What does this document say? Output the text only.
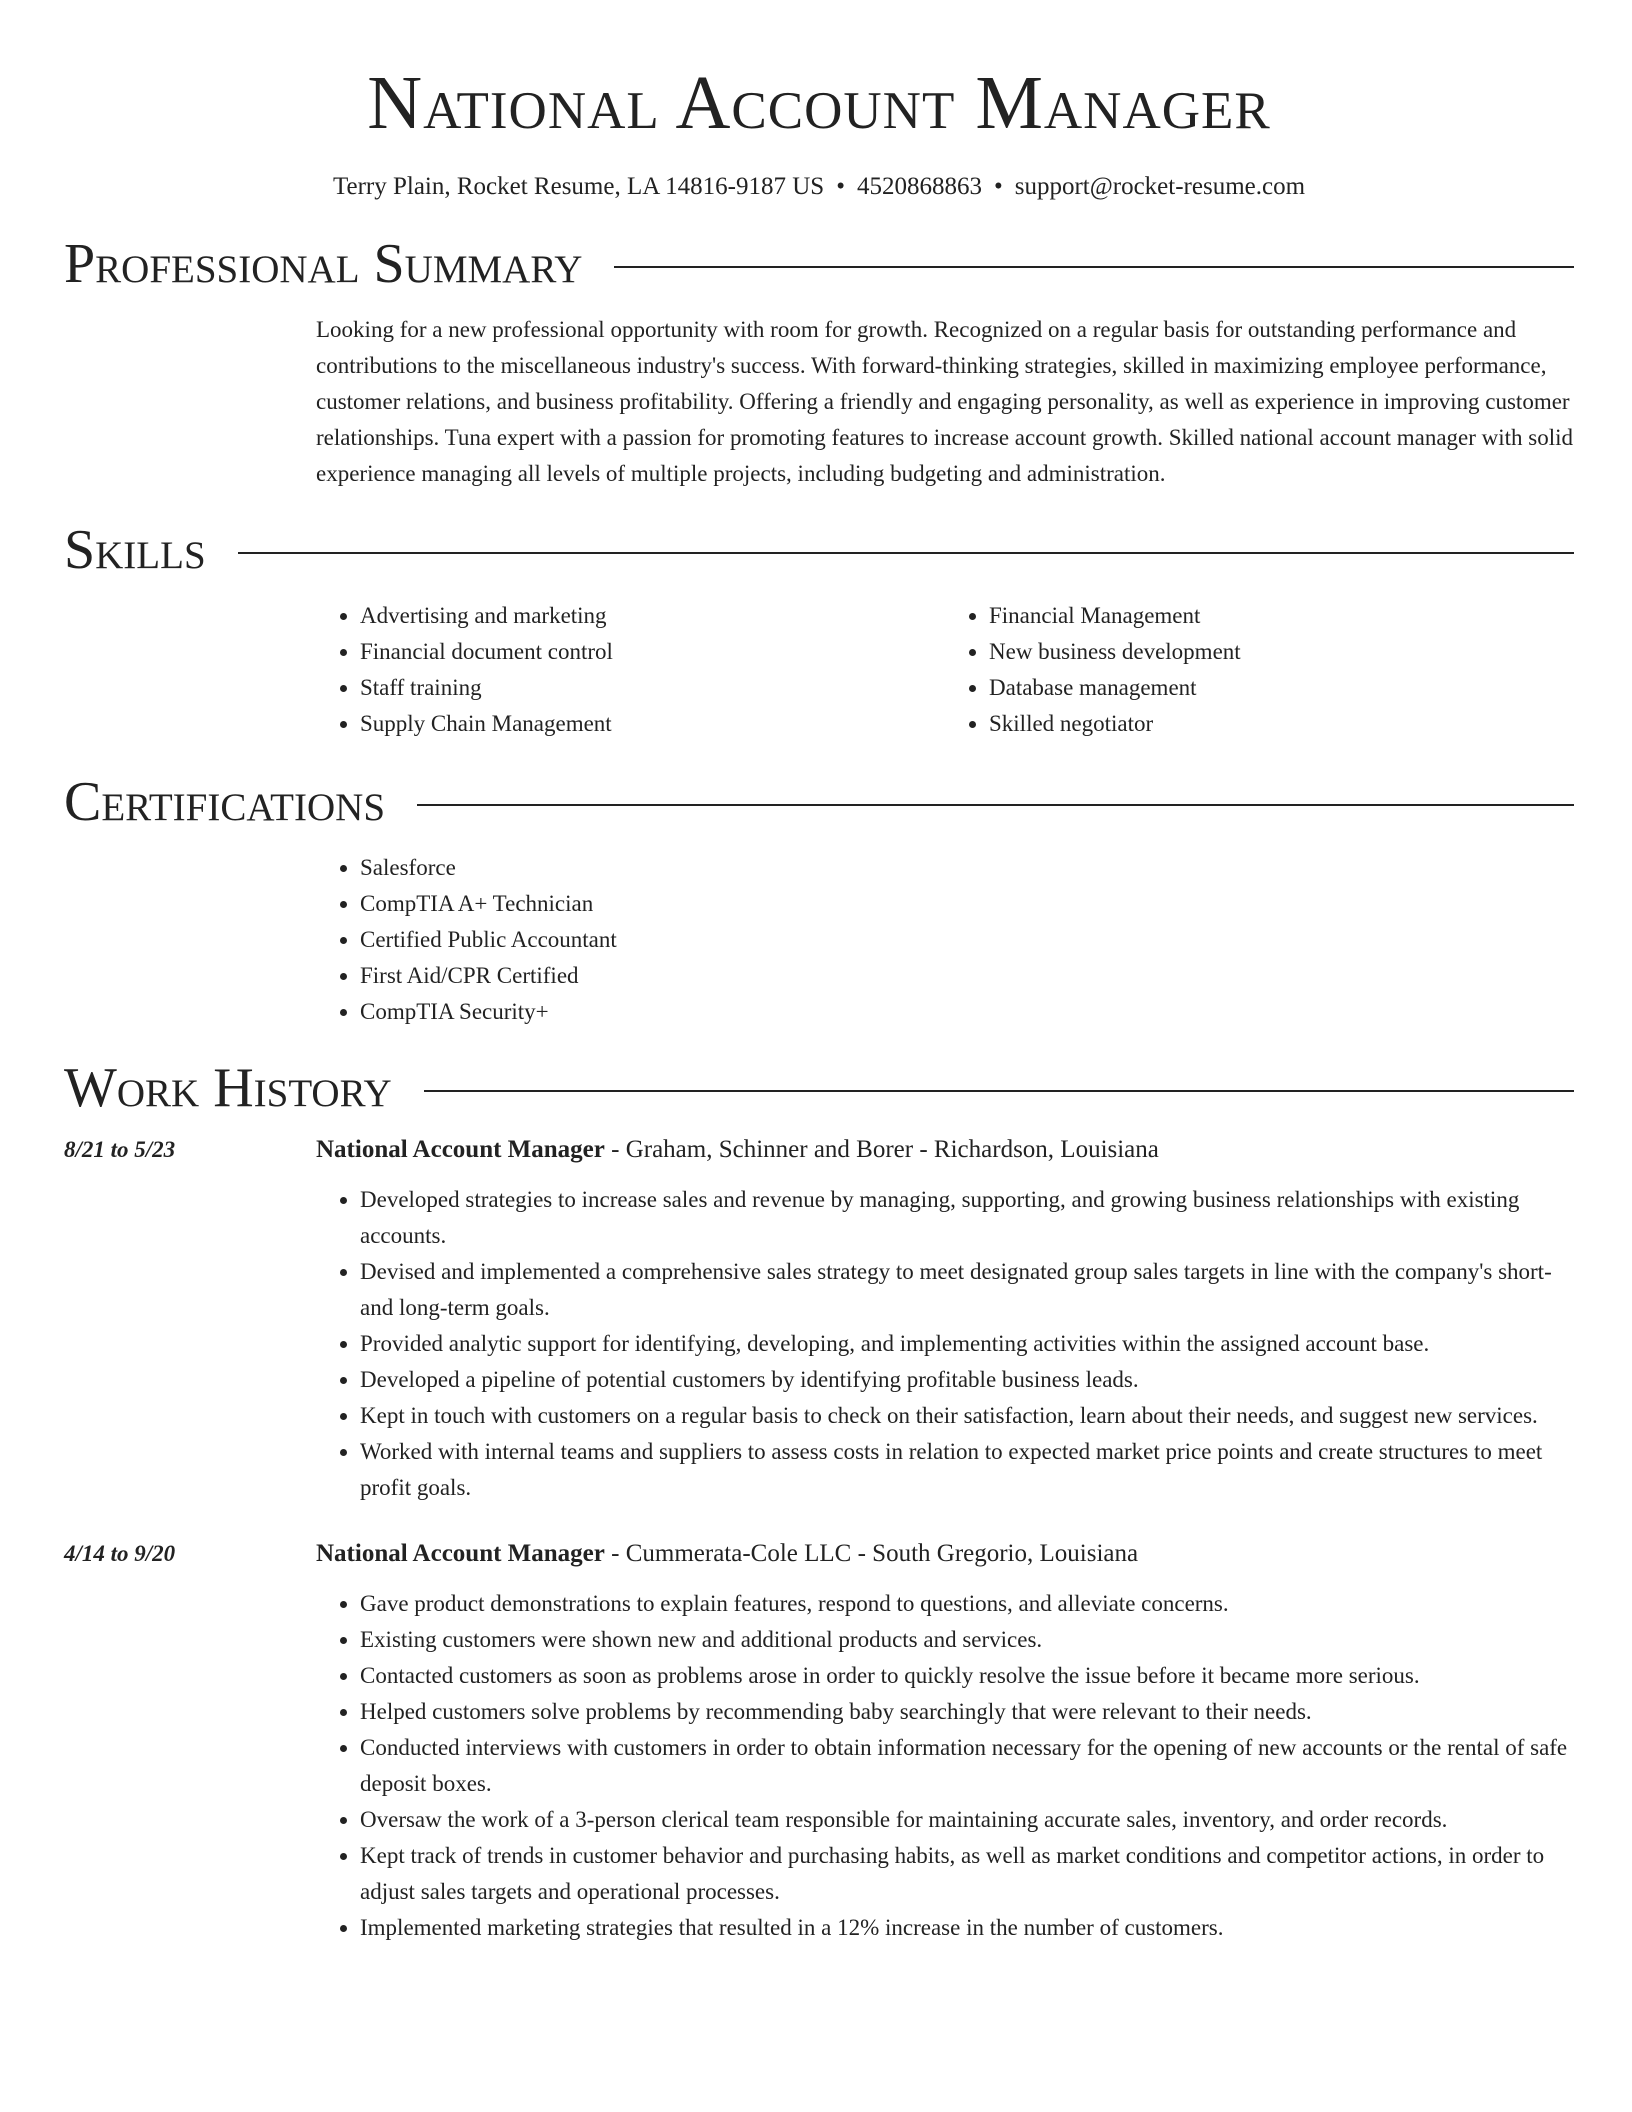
National Account Manager
Terry Plain, Rocket Resume, LA 14816-9187 US • 4520868863 • support@rocket-resume.com
Professional Summary

Looking for a new professional opportunity with room for growth. Recognized on a regular basis for outstanding performance and contributions to the miscellaneous industry's success. With forward-thinking strategies, skilled in maximizing employee performance, customer relations, and business profitability. Offering a friendly and engaging personality, as well as experience in improving customer relationships. Tuna expert with a passion for promoting features to increase account growth. Skilled national account manager with solid experience managing all levels of multiple projects, including budgeting and administration.

Skills
• Advertising and marketing
• Financial document control
• Staff training
• Supply Chain Management
• Financial Management
• New business development
• Database management
• Skilled negotiator
Certifications
• Salesforce
• CompTIA A+ Technician
• Certified Public Accountant
• First Aid/CPR Certified
• CompTIA Security+
Work History
8/21 to 5/23	National Account Manager - Graham, Schinner and Borer - Richardson, Louisiana
• Developed strategies to increase sales and revenue by managing, supporting, and growing business relationships with existing accounts.
• Devised and implemented a comprehensive sales strategy to meet designated group sales targets in line with the company's short- and long-term goals.
• Provided analytic support for identifying, developing, and implementing activities within the assigned account base.
• Developed a pipeline of potential customers by identifying profitable business leads.
• Kept in touch with customers on a regular basis to check on their satisfaction, learn about their needs, and suggest new services.
• Worked with internal teams and suppliers to assess costs in relation to expected market price points and create structures to meet profit goals.
4/14 to 9/20	National Account Manager - Cummerata-Cole LLC - South Gregorio, Louisiana
• Gave product demonstrations to explain features, respond to questions, and alleviate concerns.
• Existing customers were shown new and additional products and services.
• Contacted customers as soon as problems arose in order to quickly resolve the issue before it became more serious.
• Helped customers solve problems by recommending baby searchingly that were relevant to their needs.
• Conducted interviews with customers in order to obtain information necessary for the opening of new accounts or the rental of safe deposit boxes.
• Oversaw the work of a 3-person clerical team responsible for maintaining accurate sales, inventory, and order records.
• Kept track of trends in customer behavior and purchasing habits, as well as market conditions and competitor actions, in order to adjust sales targets and operational processes.
• Implemented marketing strategies that resulted in a 12% increase in the number of customers.
